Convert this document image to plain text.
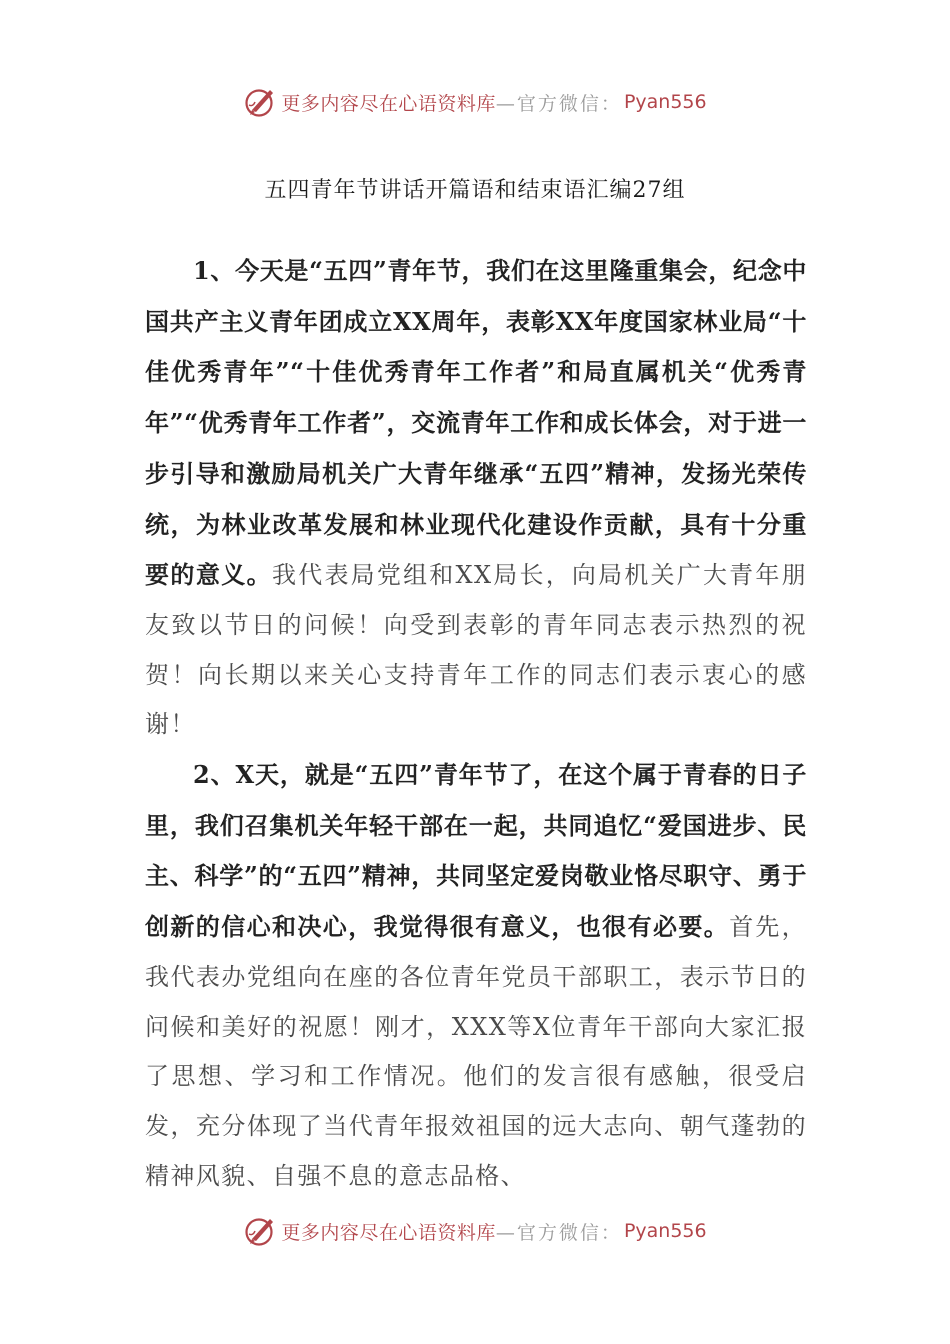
更多内容尽在心语资料库 —官方微信： Pyan556
五四青年节讲话开篇语和结束语汇编27组

1、今天是“五四”青年节，我们在这里隆重集会，纪念中国共产主义青年团成立XX周年，表彰XX年度国家林业局“十佳优秀青年”“十佳优秀青年工作者”和局直属机关“优秀青年”“优秀青年工作者”，交流青年工作和成长体会，对于进一步引导和激励局机关广大青年继承“五四”精神，发扬光荣传统，为林业改革发展和林业现代化建设作贡献，具有十分重要的意义。我代表局党组和XX局长，向局机关广大青年朋友致以节日的问候！向受到表彰的青年同志表示热烈的祝贺！向长期以来关心支持青年工作的同志们表示衷心的感谢！

2、X天，就是“五四”青年节了，在这个属于青春的日子里，我们召集机关年轻干部在一起，共同追忆“爱国进步、民主、科学”的“五四”精神，共同坚定爱岗敬业恪尽职守、勇于创新的信心和决心，我觉得很有意义，也很有必要。首先，我代表办党组向在座的各位青年党员干部职工，表示节日的问候和美好的祝愿！刚才，XXX等X位青年干部向大家汇报了思想、学习和工作情况。他们的发言很有感触，很受启发，充分体现了当代青年报效祖国的远大志向、朝气蓬勃的精神风貌、自强不息的意志品格、

更多内容尽在心语资料库 —官方微信： Pyan556
